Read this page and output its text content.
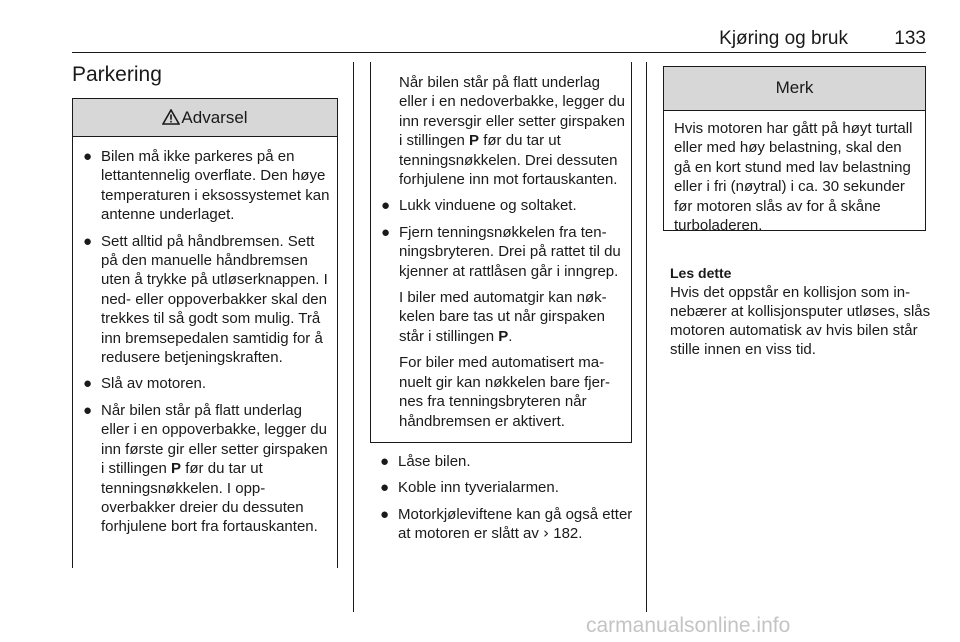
Kjøring og bruk 133
Parkering
Advarsel
● Bilen må ikke parkeres på en lettantennelig overflate. Den høye temperaturen i eksossystemet kan antenne underlaget.
● Sett alltid på håndbremsen. Sett på den manuelle håndbremsen uten å trykke på utløserknappen. I ned- eller oppoverbakker skal den trekkes til så godt som mulig. Trå inn bremsepedalen samtidig for å redusere betjeningskraften.
● Slå av motoren.
● Når bilen står på flatt underlag eller i en oppoverbakke, legger du inn første gir eller setter girspaken i stillingen P før du tar ut tenningsnøkkelen. I oppoverbakker dreier du dessuten forhjulene bort fra fortauskanten.
Når bilen står på flatt underlag eller i en nedoverbakke, legger du inn reversgir eller setter girspaken i stillingen P før du tar ut tenningsnøkkelen. Drei dessuten forhjulene inn mot fortauskanten.
● Lukk vinduene og soltaket.
● Fjern tenningsnøkkelen fra tenningsbryteren. Drei på rattet til du kjenner at rattlåsen går i inngrep.
I biler med automatgir kan nøkkelen bare tas ut når girspaken står i stillingen P.
For biler med automatisert manuelt gir kan nøkkelen bare fjernes fra tenningsbryteren når håndbremsen er aktivert.
● Låse bilen.
● Koble inn tyverialarmen.
● Motorkjøleviftene kan gå også etter at motoren er slått av › 182.
Merk
Hvis motoren har gått på høyt turtall eller med høy belastning, skal den gå en kort stund med lav belastning eller i fri (nøytral) i ca. 30 sekunder før motoren slås av for å skåne turboladeren.
Les dette
Hvis det oppstår en kollisjon som innebærer at kollisjonsputer utløses, slås motoren automatisk av hvis bilen står stille innen en viss tid.
carmanualsonline.info
